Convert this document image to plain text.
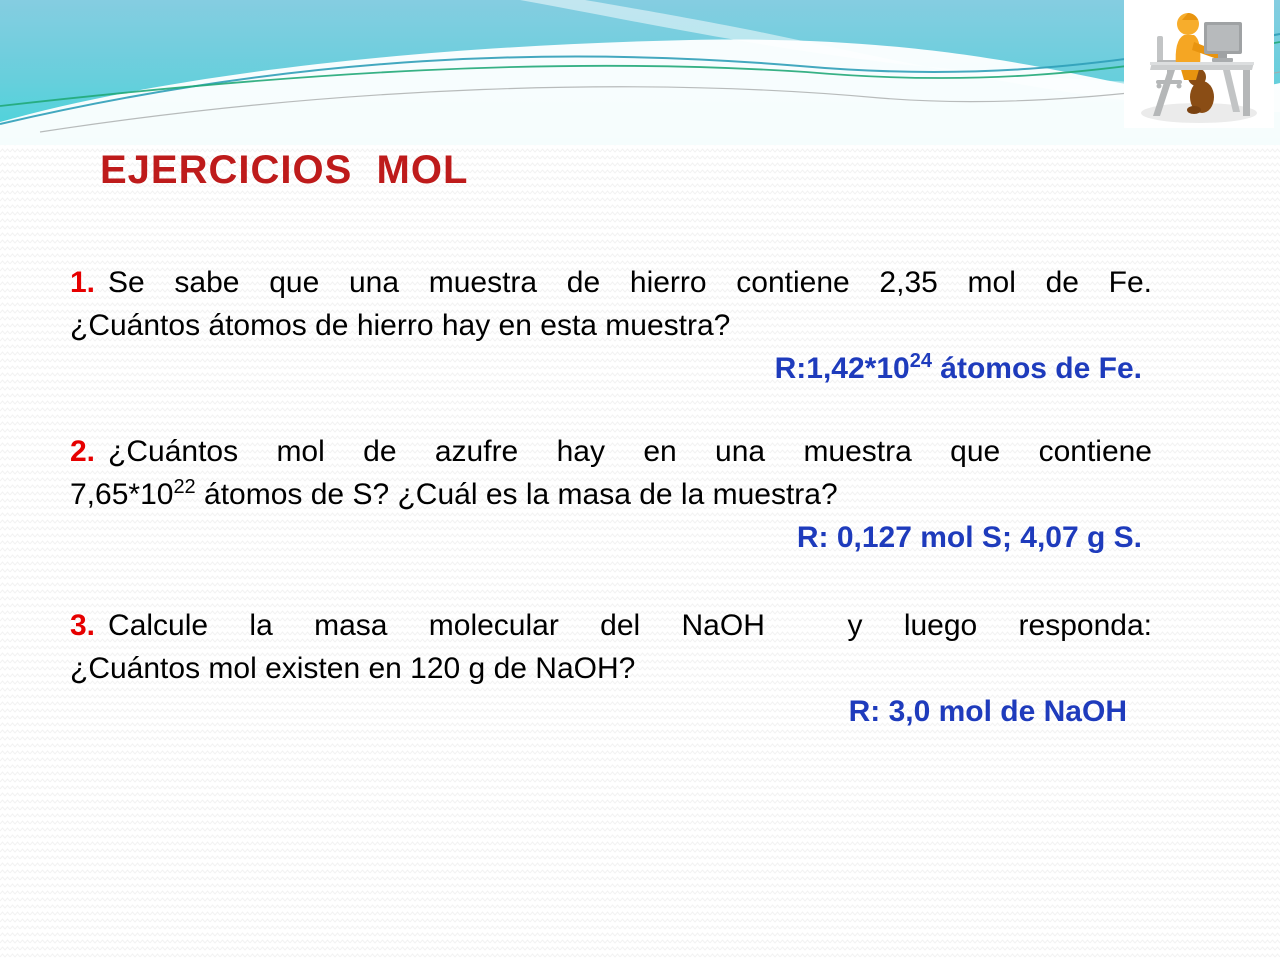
EJERCICIOS  MOL
1. Se sabe que una muestra de hierro contiene 2,35 mol de Fe.
¿Cuántos átomos de hierro hay en esta muestra?
$R:1,42*10^{24}$ átomos de Fe.
2. ¿Cuántos mol de azufre hay en una muestra que contiene
$7,65*10^{22}$ átomos de S? ¿Cuál es la masa de la muestra?
R: 0,127 mol S; 4,07 g S.
3. Calcule la masa molecular del NaOH  y luego responda:
¿Cuántos mol existen en 120 g de NaOH?
R: 3,0 mol de NaOH
